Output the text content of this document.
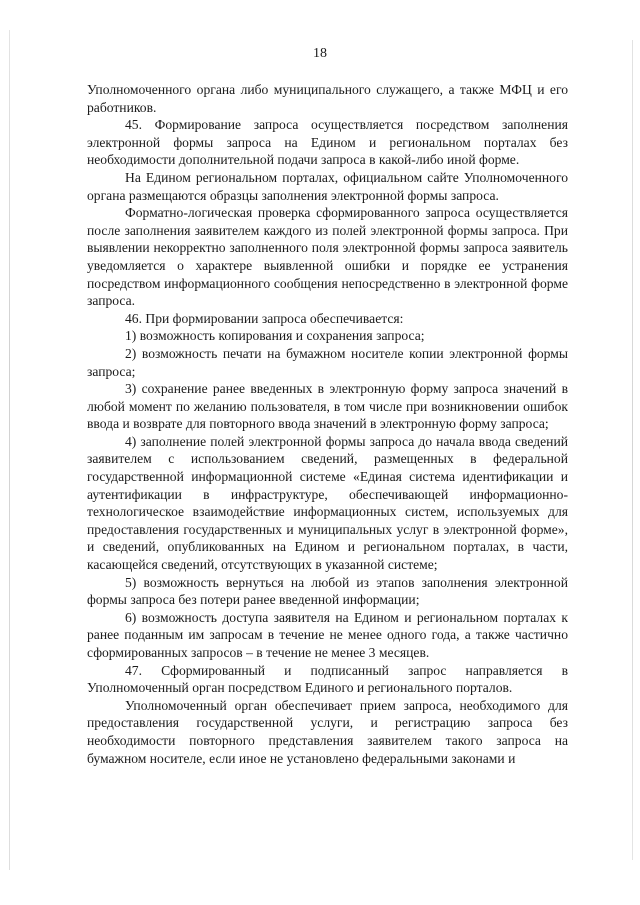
18

Уполномоченного органа либо муниципального служащего, а также МФЦ и его работников.

45. Формирование запроса осуществляется посредством заполнения электронной формы запроса на Едином и региональном порталах без необходимости дополнительной подачи запроса в какой-либо иной форме.

На Едином региональном порталах, официальном сайте Уполномоченного органа размещаются образцы заполнения электронной формы запроса.

Форматно-логическая проверка сформированного запроса осуществляется после заполнения заявителем каждого из полей электронной формы запроса. При выявлении некорректно заполненного поля электронной формы запроса заявитель уведомляется о характере выявленной ошибки и порядке ее устранения посредством информационного сообщения непосредственно в электронной форме запроса.

46. При формировании запроса обеспечивается:

1) возможность копирования и сохранения запроса;

2) возможность печати на бумажном носителе копии электронной формы запроса;

3) сохранение ранее введенных в электронную форму запроса значений в любой момент по желанию пользователя, в том числе при возникновении ошибок ввода и возврате для повторного ввода значений в электронную форму запроса;

4) заполнение полей электронной формы запроса до начала ввода сведений заявителем с использованием сведений, размещенных в федеральной государственной информационной системе «Единая система идентификации и аутентификации в инфраструктуре, обеспечивающей информационно-технологическое взаимодействие информационных систем, используемых для предоставления государственных и муниципальных услуг в электронной форме», и сведений, опубликованных на Едином и региональном порталах, в части, касающейся сведений, отсутствующих в указанной системе;

5) возможность вернуться на любой из этапов заполнения электронной формы запроса без потери ранее введенной информации;

6) возможность доступа заявителя на Едином и региональном порталах к ранее поданным им запросам в течение не менее одного года, а также частично сформированных запросов – в течение не менее 3 месяцев.

47. Сформированный и подписанный запрос направляется в Уполномоченный орган посредством Единого и регионального порталов.

Уполномоченный орган обеспечивает прием запроса, необходимого для предоставления государственной услуги, и регистрацию запроса без необходимости повторного представления заявителем такого запроса на бумажном носителе, если иное не установлено федеральными законами и
